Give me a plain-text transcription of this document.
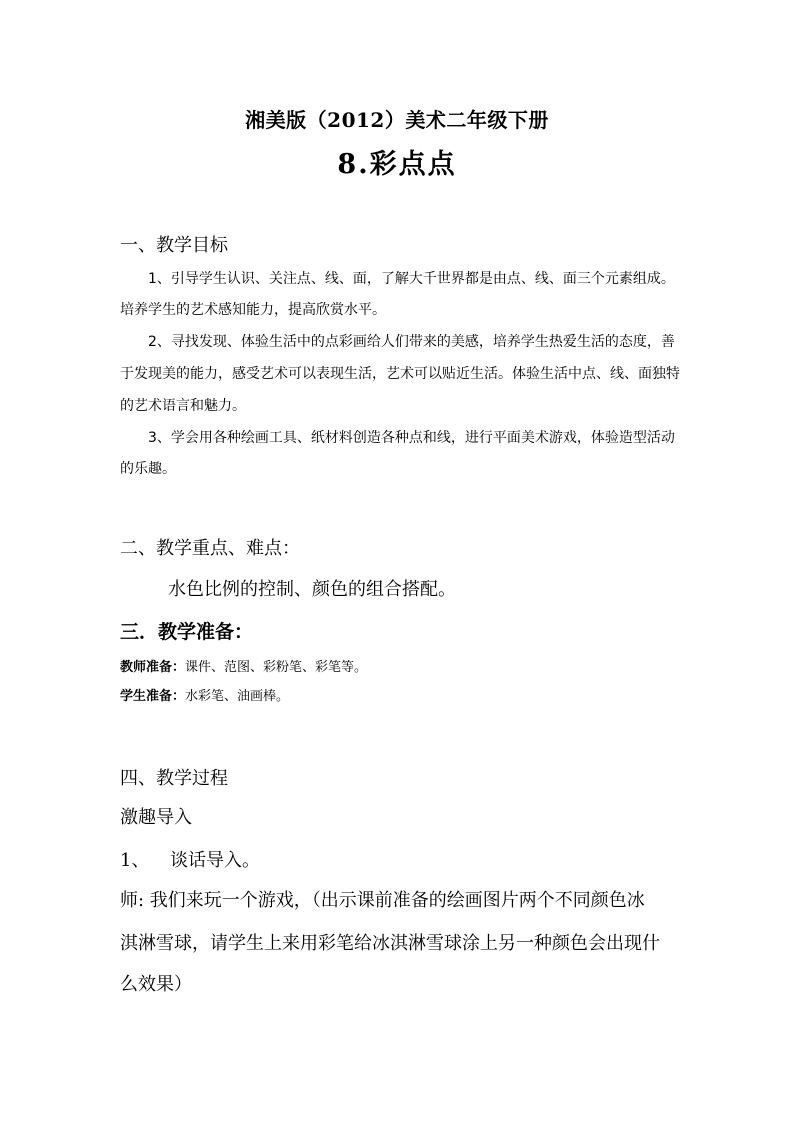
湘美版（2012）美术二年级下册
8.彩点点
一、教学目标
1、引导学生认识、关注点、线、面，了解大千世界都是由点、线、面三个元素组成。
培养学生的艺术感知能力，提高欣赏水平。
2、寻找发现、体验生活中的点彩画给人们带来的美感，培养学生热爱生活的态度，善
于发现美的能力，感受艺术可以表现生活，艺术可以贴近生活。体验生活中点、线、面独特
的艺术语言和魅力。
3、学会用各种绘画工具、纸材料创造各种点和线，进行平面美术游戏，体验造型活动
的乐趣。
二、教学重点、难点：
水色比例的控制、颜色的组合搭配。
三．教学准备：
教师准备：课件、范图、彩粉笔、彩笔等。
学生准备：水彩笔、油画棒。
四、教学过程
激趣导入
1、 谈话导入。
师: 我们来玩一个游戏，（出示课前准备的绘画图片两个不同颜色冰
淇淋雪球，请学生上来用彩笔给冰淇淋雪球涂上另一种颜色会出现什
么效果）
